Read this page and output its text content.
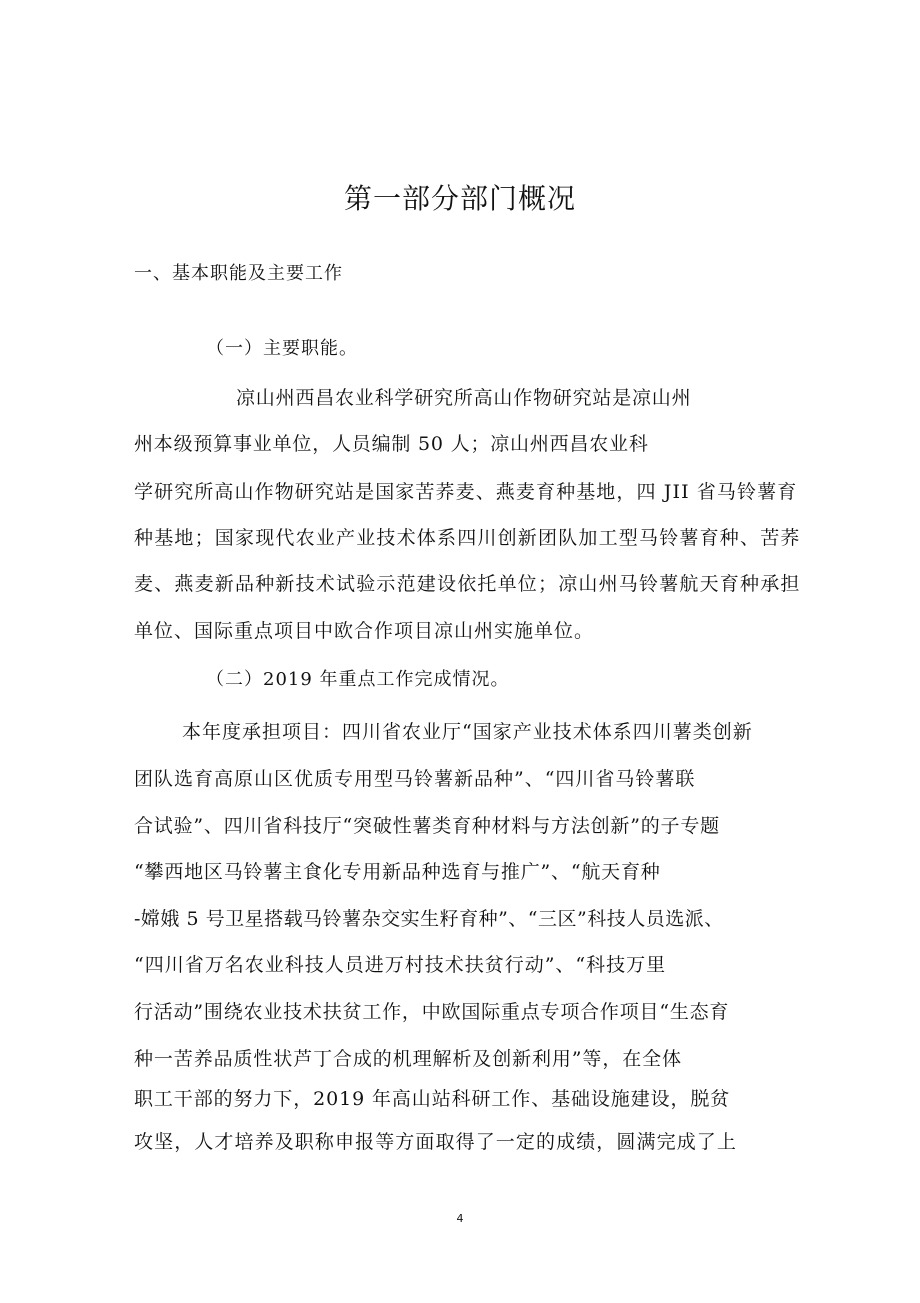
第一部分部门概况
一、基本职能及主要工作
（一）主要职能。
凉山州西昌农业科学研究所高山作物研究站是凉山州
州本级预算事业单位，人员编制 50 人；凉山州西昌农业科
学研究所高山作物研究站是国家苦荞麦、燕麦育种基地，四 JII 省马铃薯育
种基地；国家现代农业产业技术体系四川创新团队加工型马铃薯育种、苦荞
麦、燕麦新品种新技术试验示范建设依托单位；凉山州马铃薯航天育种承担
单位、国际重点项目中欧合作项目凉山州实施单位。
（二）2019 年重点工作完成情况。
本年度承担项目：四川省农业厅“国家产业技术体系四川薯类创新
团队选育高原山区优质专用型马铃薯新品种”、“四川省马铃薯联
合试验”、四川省科技厅“突破性薯类育种材料与方法创新”的子专题
“攀西地区马铃薯主食化专用新品种选育与推广”、“航天育种
-嫦娥 5 号卫星搭载马铃薯杂交实生籽育种”、“三区”科技人员选派、
“四川省万名农业科技人员进万村技术扶贫行动”、“科技万里
行活动”围绕农业技术扶贫工作，中欧国际重点专项合作项目“生态育
种一苦养品质性状芦丁合成的机理解析及创新利用”等，在全体
职工干部的努力下，2019 年高山站科研工作、基础设施建设，脱贫
攻坚，人才培养及职称申报等方面取得了一定的成绩，圆满完成了上
4
